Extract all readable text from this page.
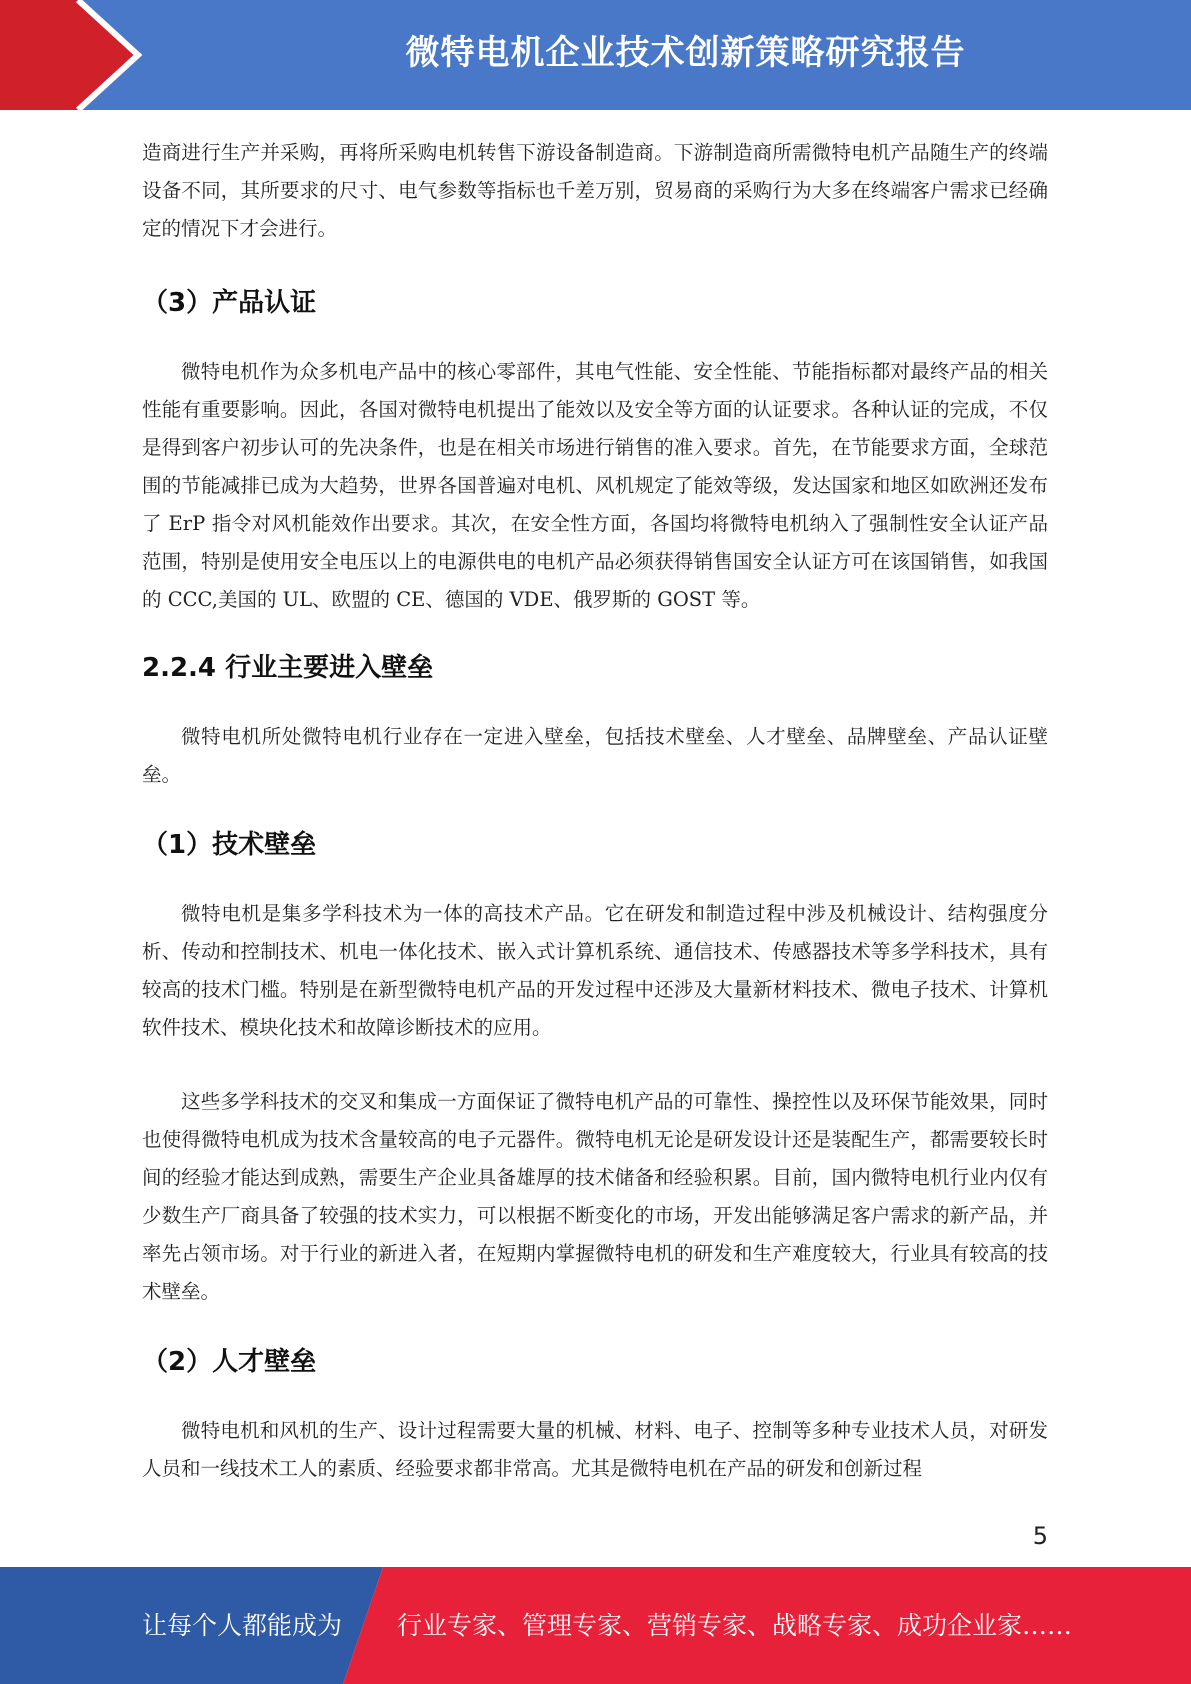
微特电机企业技术创新策略研究报告

造商进行生产并采购，再将所采购电机转售下游设备制造商。下游制造商所需微特电机产品随生产的终端设备不同，其所要求的尺寸、电气参数等指标也千差万别，贸易商的采购行为大多在终端客户需求已经确定的情况下才会进行。

（3）产品认证

微特电机作为众多机电产品中的核心零部件，其电气性能、安全性能、节能指标都对最终产品的相关性能有重要影响。因此，各国对微特电机提出了能效以及安全等方面的认证要求。各种认证的完成，不仅是得到客户初步认可的先决条件，也是在相关市场进行销售的准入要求。首先，在节能要求方面，全球范围的节能减排已成为大趋势，世界各国普遍对电机、风机规定了能效等级，发达国家和地区如欧洲还发布了 ErP 指令对风机能效作出要求。其次，在安全性方面，各国均将微特电机纳入了强制性安全认证产品范围，特别是使用安全电压以上的电源供电的电机产品必须获得销售国安全认证方可在该国销售，如我国的 CCC,美国的 UL、欧盟的 CE、德国的 VDE、俄罗斯的 GOST 等。

2.2.4 行业主要进入壁垒

微特电机所处微特电机行业存在一定进入壁垒，包括技术壁垒、人才壁垒、品牌壁垒、产品认证壁垒。

（1）技术壁垒

微特电机是集多学科技术为一体的高技术产品。它在研发和制造过程中涉及机械设计、结构强度分析、传动和控制技术、机电一体化技术、嵌入式计算机系统、通信技术、传感器技术等多学科技术，具有较高的技术门槛。特别是在新型微特电机产品的开发过程中还涉及大量新材料技术、微电子技术、计算机软件技术、模块化技术和故障诊断技术的应用。

这些多学科技术的交叉和集成一方面保证了微特电机产品的可靠性、操控性以及环保节能效果，同时也使得微特电机成为技术含量较高的电子元器件。微特电机无论是研发设计还是装配生产，都需要较长时间的经验才能达到成熟，需要生产企业具备雄厚的技术储备和经验积累。目前，国内微特电机行业内仅有少数生产厂商具备了较强的技术实力，可以根据不断变化的市场，开发出能够满足客户需求的新产品，并率先占领市场。对于行业的新进入者，在短期内掌握微特电机的研发和生产难度较大，行业具有较高的技术壁垒。

（2）人才壁垒

微特电机和风机的生产、设计过程需要大量的机械、材料、电子、控制等多种专业技术人员，对研发人员和一线技术工人的素质、经验要求都非常高。尤其是微特电机在产品的研发和创新过程

5
让每个人都能成为 行业专家、管理专家、营销专家、战略专家、成功企业家……
